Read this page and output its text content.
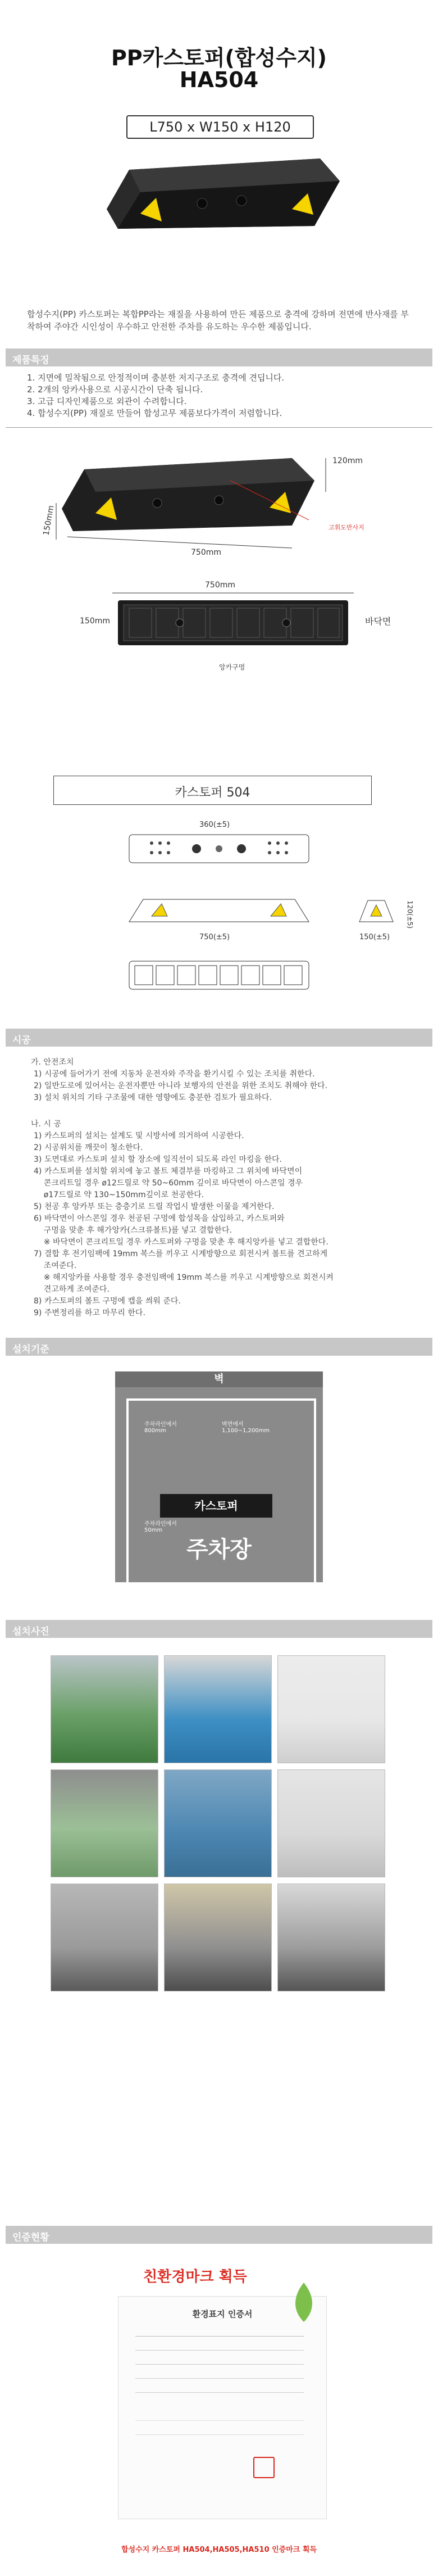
PP카스토퍼(합성수지)
HA504
L750 x W150 x H120
합성수지(PP) 카스토퍼는 복합PP라는 재질을 사용하여 만든 제품으로 충격에 강하며 전면에 반사재를 부착하여 주야간 시인성이 우수하고 안전한 주차를 유도하는 우수한 제품입니다.
제품특징
1. 지면에 밀착됨으로 안정적이며 충분한 저지구조로 충격에 견딥니다.
2. 2개의 앙카사용으로 시공시간이 단축 됩니다.
3. 고급 디자인제품으로 외관이 수려합니다.
4. 합성수지(PP) 재질로 만들어 합성고무 제품보다가격이 저렴합니다.
120mm
고휘도반사지
750mm
150mm
750mm
150mm	바닥면
앙카구멍
카스토퍼 504
360(±5)
750(±5)	150(±5)
120(±5)
시공
가. 안전조치
1) 시공에 들어가기 전에 지동차 운전자와 주작을 환기시킬 수 있는 조치를 취한다.
2) 일반도로에 있어서는 운전자뿐만 아니라 보행자의 안전을 위한 조치도 취해야 한다.
3) 설치 위치의 기타 구조물에 대한 영향에도 충분한 검토가 필요하다.
나. 시 공
1) 카스토퍼의 설치는 설계도 및 시방서에 의거하여 시공한다.
2) 시공위치를 깨끗이 청소한다.
3) 도면대로 카스토퍼 설치 할 장소에 일직선이 되도록 라인 마킹을 한다.
4) 카스토퍼를 설치할 위치에 놓고 볼트 체결부를 마킹하고 그 위치에 바닥면이
콘크리트일 경우 ø12드릴로 약 50~60mm 깊이로 바닥면이 아스콘일 경우
ø17드릴로 약 130~150mm깊이로 천공한다.
5) 천공 후 앙카부 또는 층층기로 드릴 작업시 발생한 이물을 제거한다.
6) 바닥면이 아스콘일 경우 천공된 구멍에 합성목을 삽입하고, 카스토퍼와
구멍을 맞춘 후 해가앙카(스크류볼트)를 넣고 결합한다.
※ 바닥면이 콘크리트일 경우 카스토퍼와 구멍을 맞춘 후 해지앙카를 넣고 결합한다.
7) 결합 후 전기임팩에 19mm 복스를 끼우고 시계방향으로 회전시켜 볼트를 견고하게
조여준다.
※ 해지앙카를 사용할 경우 충전임팩에 19mm 복스를 끼우고 시계방향으로 회전시켜
견고하게 조여준다.
8) 카스토퍼의 볼트 구멍에 캡을 씌워 준다.
9) 주변정리를 하고 마무리 한다.
설치기준
벽
카스토퍼
주차장
주차라인에서
800mm
벽면에서
1,100~1,200mm
주차라인에서
50mm
설치사진
인증현황
친환경마크 획득
환경표지 인증서
합성수지 카스토퍼 HA504,HA505,HA510 인증마크 획득
